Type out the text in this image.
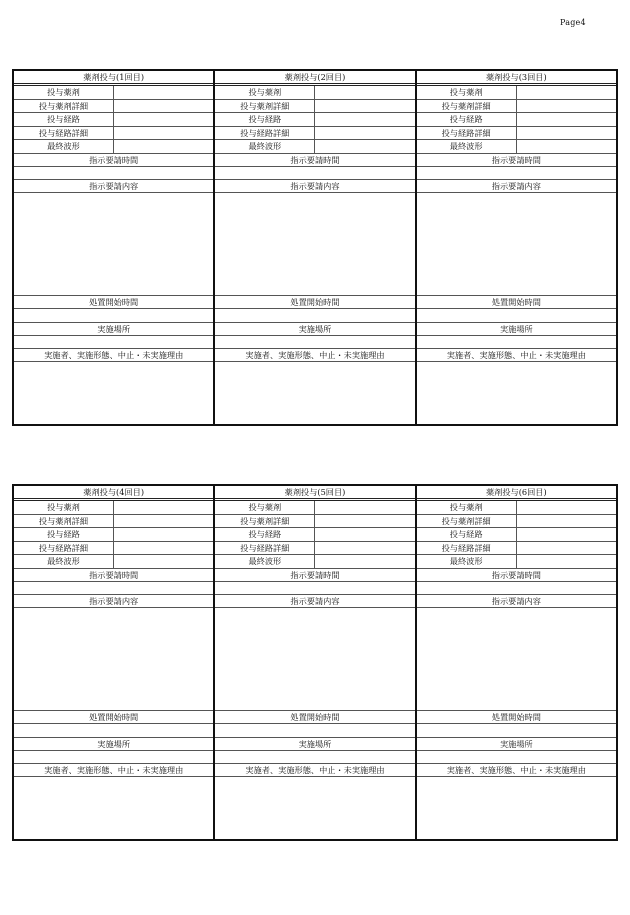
Page4
薬剤投与(1回目)
投与薬剤
投与薬剤詳細
投与経路
投与経路詳細
最終波形
指示要請時間
指示要請内容
処置開始時間
実施場所
実施者、実施形態、中止・未実施理由
薬剤投与(2回目)
投与薬剤
投与薬剤詳細
投与経路
投与経路詳細
最終波形
指示要請時間
指示要請内容
処置開始時間
実施場所
実施者、実施形態、中止・未実施理由
薬剤投与(3回目)
投与薬剤
投与薬剤詳細
投与経路
投与経路詳細
最終波形
指示要請時間
指示要請内容
処置開始時間
実施場所
実施者、実施形態、中止・未実施理由
薬剤投与(4回目)
投与薬剤
投与薬剤詳細
投与経路
投与経路詳細
最終波形
指示要請時間
指示要請内容
処置開始時間
実施場所
実施者、実施形態、中止・未実施理由
薬剤投与(5回目)
投与薬剤
投与薬剤詳細
投与経路
投与経路詳細
最終波形
指示要請時間
指示要請内容
処置開始時間
実施場所
実施者、実施形態、中止・未実施理由
薬剤投与(6回目)
投与薬剤
投与薬剤詳細
投与経路
投与経路詳細
最終波形
指示要請時間
指示要請内容
処置開始時間
実施場所
実施者、実施形態、中止・未実施理由
